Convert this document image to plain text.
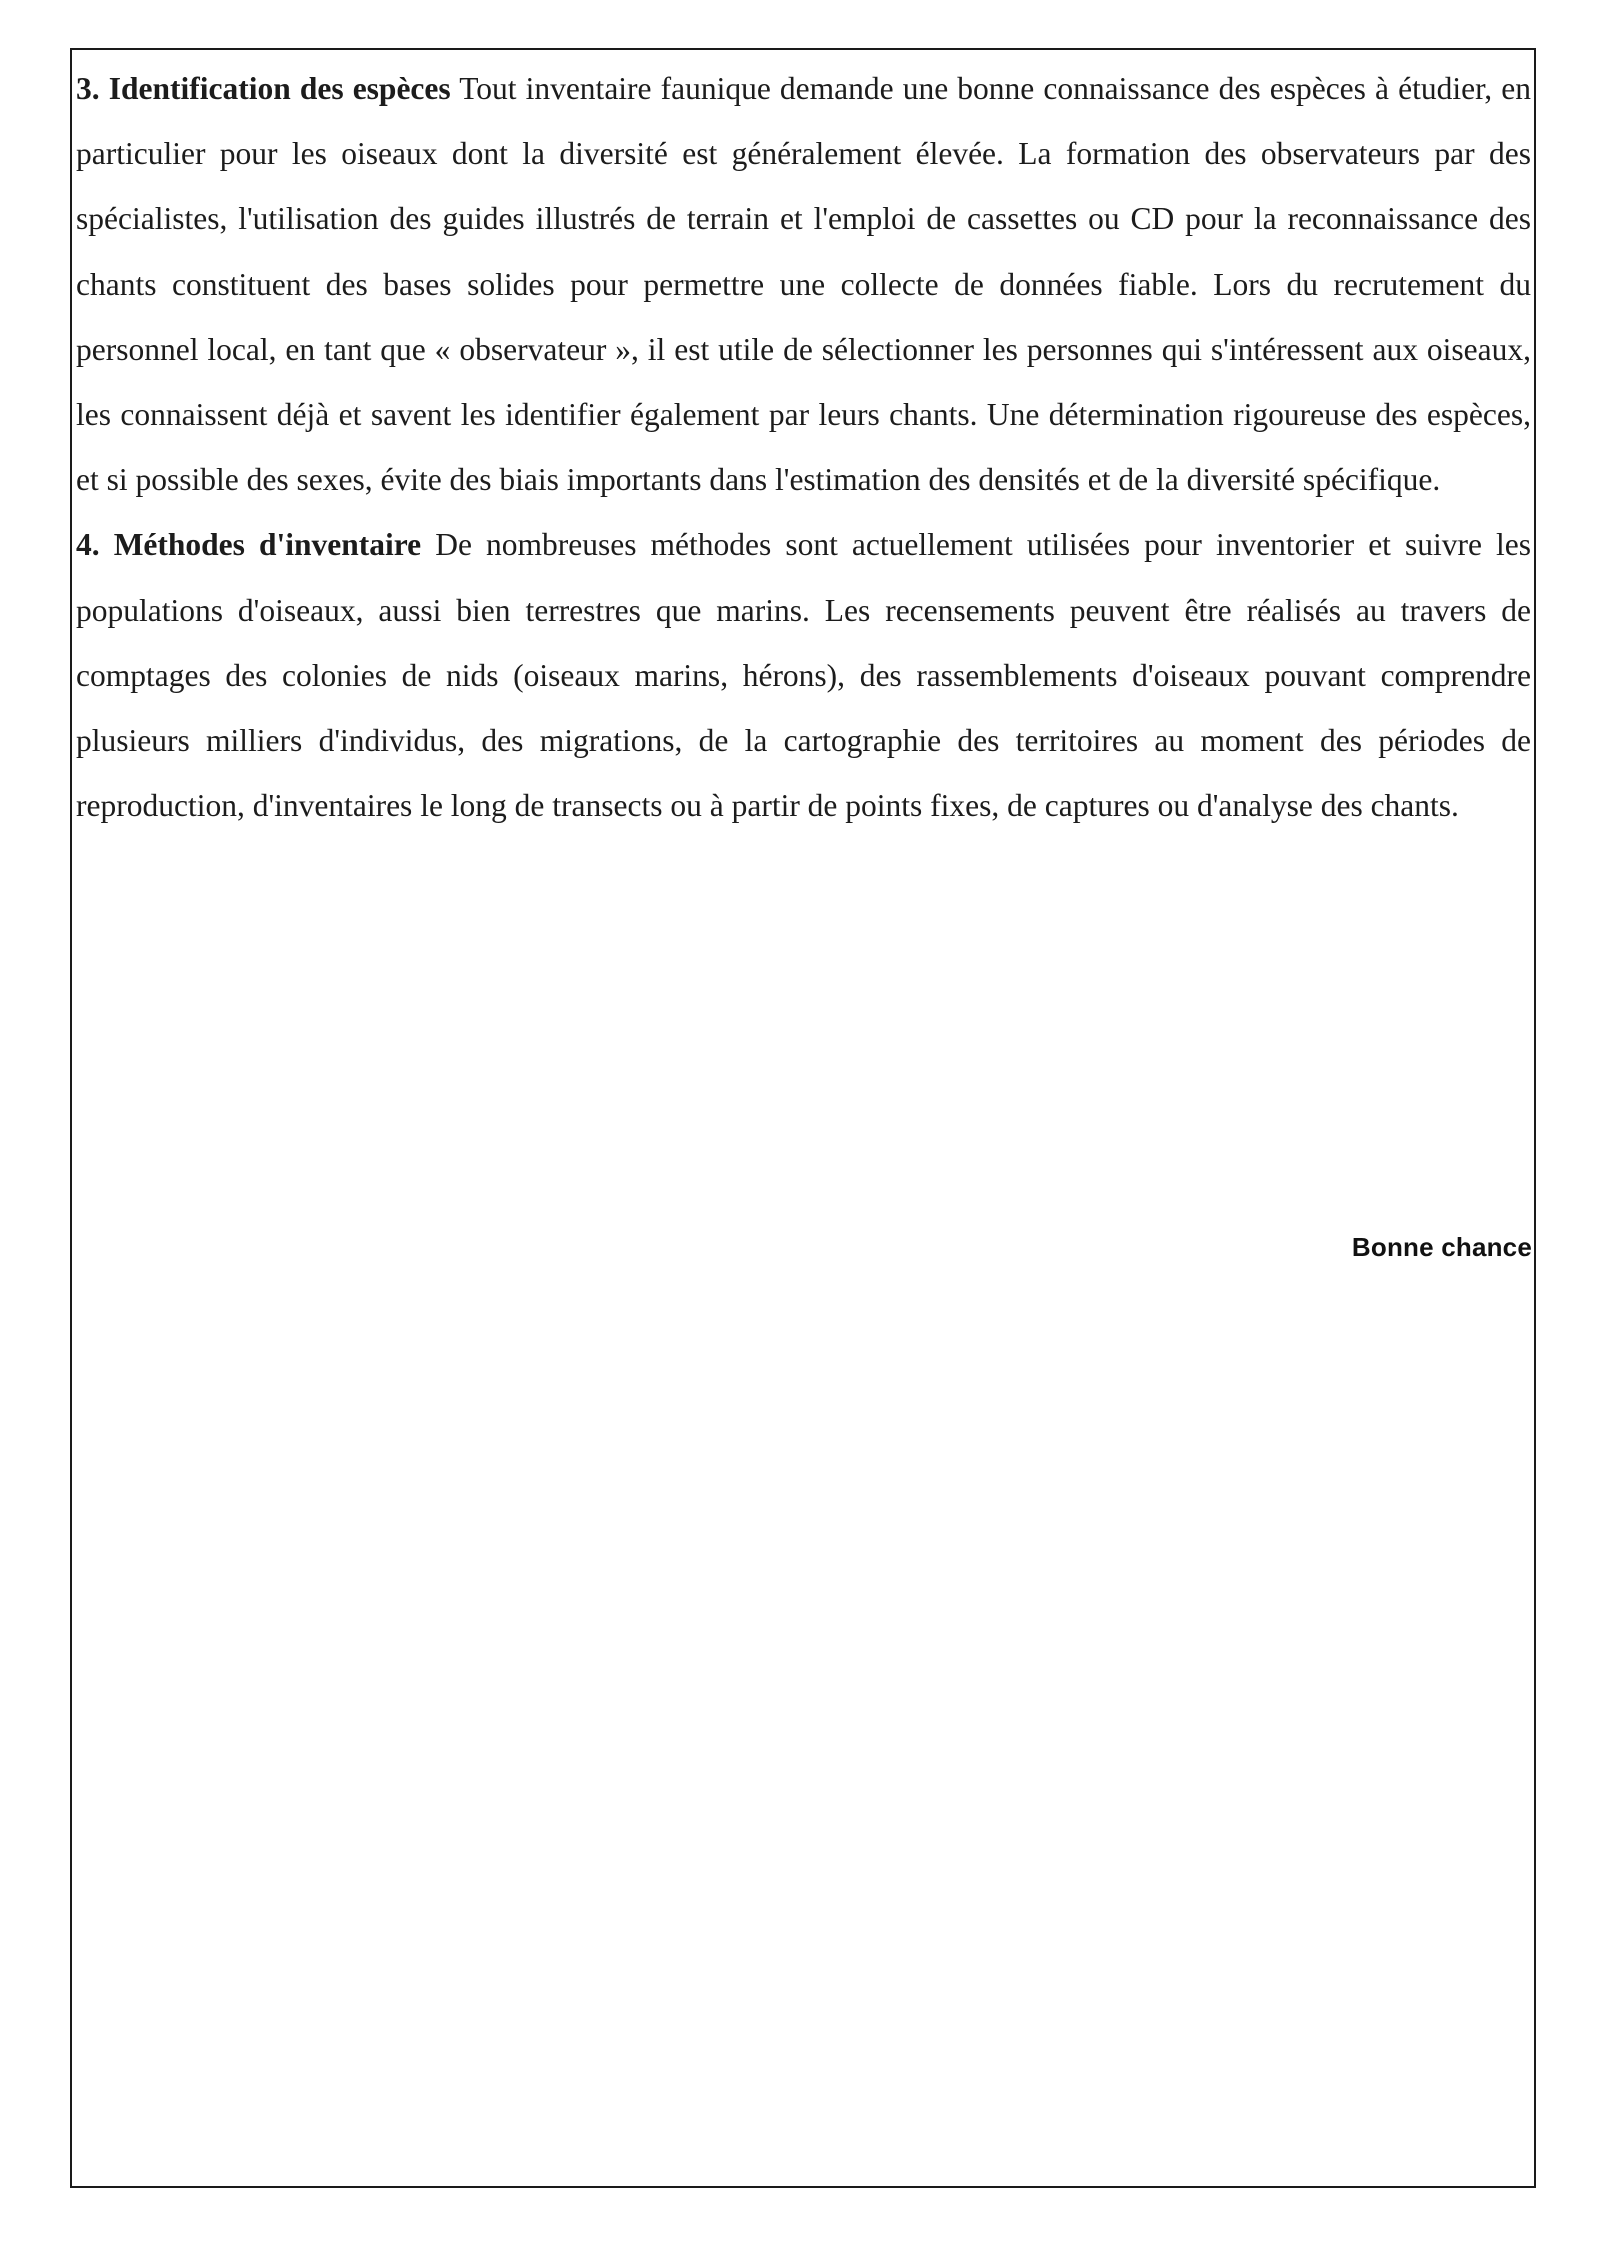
3. Identification des espèces Tout inventaire faunique demande une bonne connaissance des espèces à étudier, en particulier pour les oiseaux dont la diversité est généralement élevée. La formation des observateurs par des spécialistes, l'utilisation des guides illustrés de terrain et l'emploi de cassettes ou CD pour la reconnaissance des chants constituent des bases solides pour permettre une collecte de données fiable. Lors du recrutement du personnel local, en tant que « observateur », il est utile de sélectionner les personnes qui s'intéressent aux oiseaux, les connaissent déjà et savent les identifier également par leurs chants. Une détermination rigoureuse des espèces, et si possible des sexes, évite des biais importants dans l'estimation des densités et de la diversité spécifique.

4. Méthodes d'inventaire De nombreuses méthodes sont actuellement utilisées pour inventorier et suivre les populations d'oiseaux, aussi bien terrestres que marins. Les recensements peuvent être réalisés au travers de comptages des colonies de nids (oiseaux marins, hérons), des rassemblements d'oiseaux pouvant comprendre plusieurs milliers d'individus, des migrations, de la cartographie des territoires au moment des périodes de reproduction, d'inventaires le long de transects ou à partir de points fixes, de captures ou d'analyse des chants.

Bonne chance
